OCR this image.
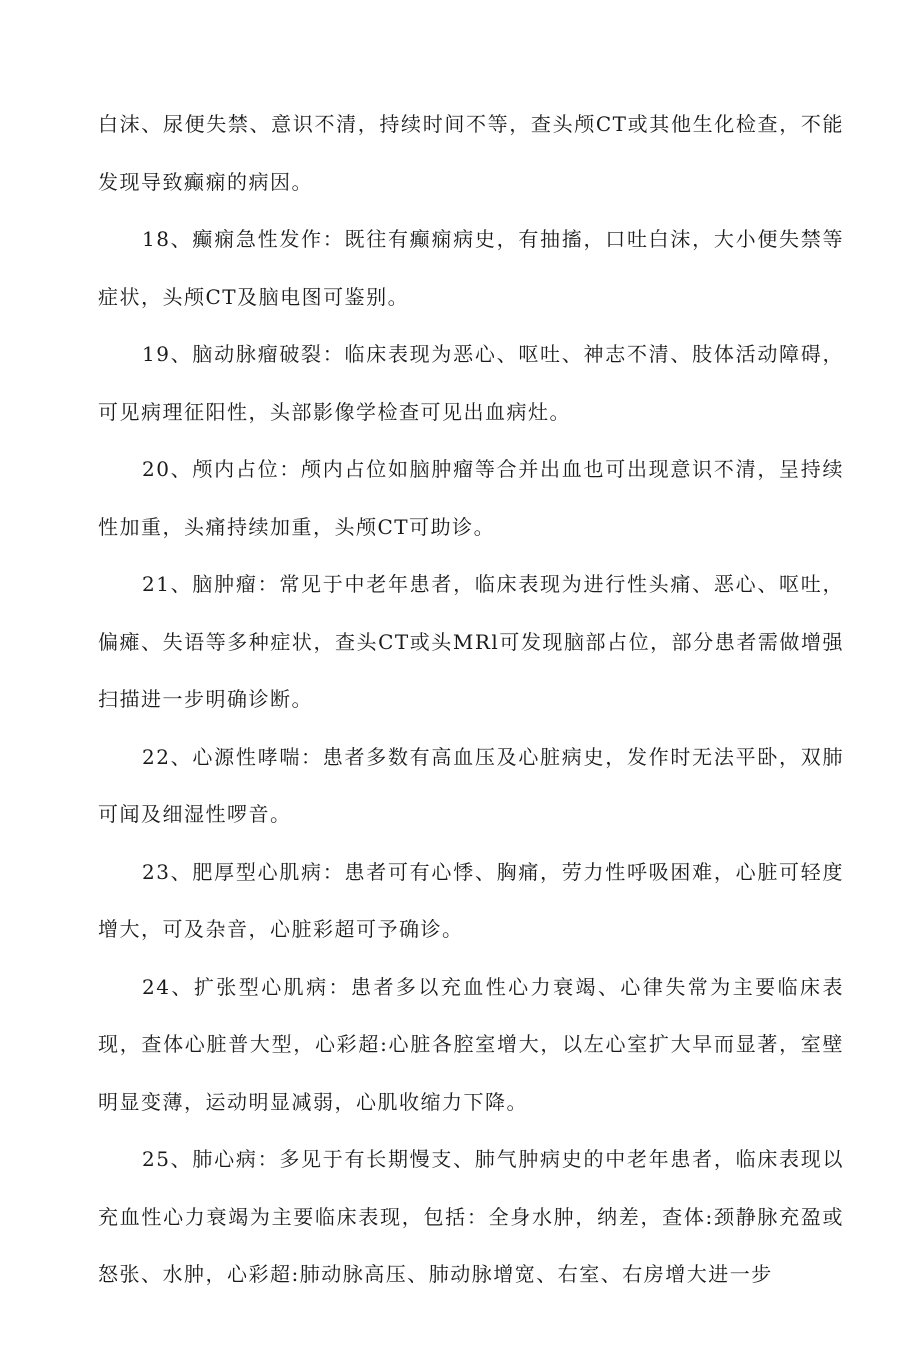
白沫、尿便失禁、意识不清，持续时间不等，查头颅CT或其他生化检查，不能发现导致癫痫的病因。

18、癫痫急性发作：既往有癫痫病史，有抽搐，口吐白沫，大小便失禁等症状，头颅CT及脑电图可鉴别。

19、脑动脉瘤破裂：临床表现为恶心、呕吐、神志不清、肢体活动障碍，可见病理征阳性，头部影像学检查可见出血病灶。

20、颅内占位：颅内占位如脑肿瘤等合并出血也可出现意识不清，呈持续性加重，头痛持续加重，头颅CT可助诊。

21、脑肿瘤：常见于中老年患者，临床表现为进行性头痛、恶心、呕吐，偏瘫、失语等多种症状，查头CT或头MRl可发现脑部占位，部分患者需做增强扫描进一步明确诊断。

22、心源性哮喘：患者多数有高血压及心脏病史，发作时无法平卧，双肺可闻及细湿性啰音。

23、肥厚型心肌病：患者可有心悸、胸痛，劳力性呼吸困难，心脏可轻度增大，可及杂音，心脏彩超可予确诊。

24、扩张型心肌病：患者多以充血性心力衰竭、心律失常为主要临床表现，查体心脏普大型，心彩超:心脏各腔室增大，以左心室扩大早而显著，室壁明显变薄，运动明显减弱，心肌收缩力下降。

25、肺心病：多见于有长期慢支、肺气肿病史的中老年患者，临床表现以充血性心力衰竭为主要临床表现，包括：全身水肿，纳差，查体:颈静脉充盈或怒张、水肿，心彩超:肺动脉高压、肺动脉增宽、右室、右房增大进一步
